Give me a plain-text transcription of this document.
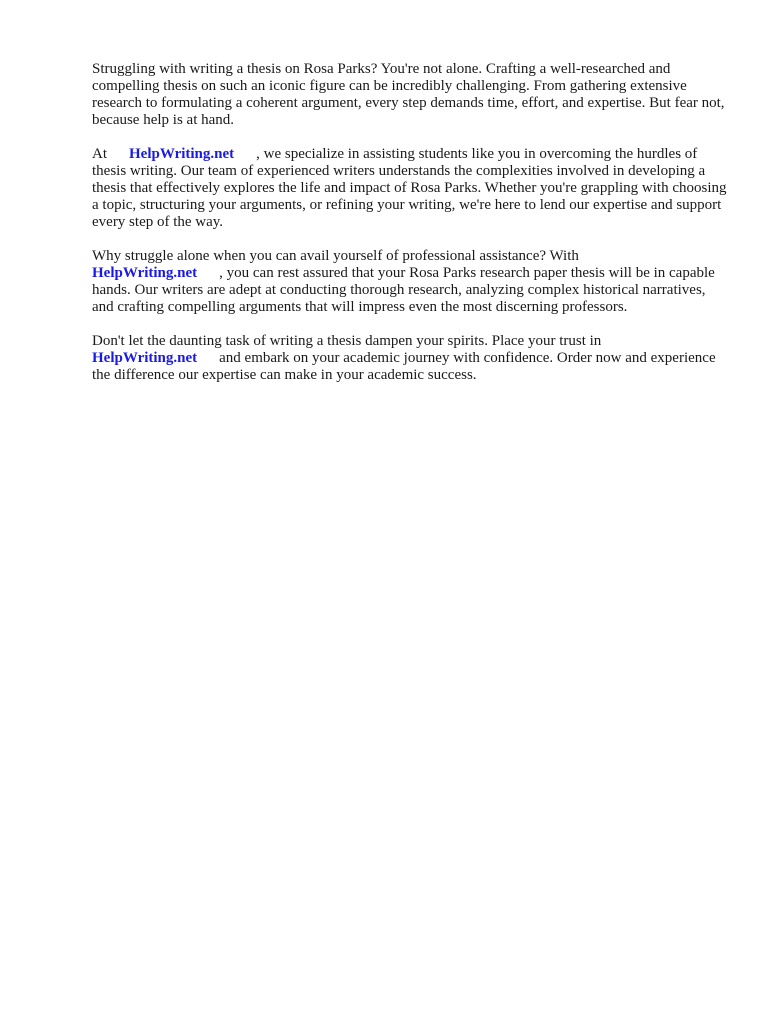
Struggling with writing a thesis on Rosa Parks? You're not alone. Crafting a well-researched and compelling thesis on such an iconic figure can be incredibly challenging. From gathering extensive research to formulating a coherent argument, every step demands time, effort, and expertise. But fear not, because help is at hand.

At HelpWriting.net , we specialize in assisting students like you in overcoming the hurdles of thesis writing. Our team of experienced writers understands the complexities involved in developing a thesis that effectively explores the life and impact of Rosa Parks. Whether you're grappling with choosing a topic, structuring your arguments, or refining your writing, we're here to lend our expertise and support every step of the way.

Why struggle alone when you can avail yourself of professional assistance? With
HelpWriting.net , you can rest assured that your Rosa Parks research paper thesis will be in capable hands. Our writers are adept at conducting thorough research, analyzing complex historical narratives, and crafting compelling arguments that will impress even the most discerning professors.

Don't let the daunting task of writing a thesis dampen your spirits. Place your trust in
HelpWriting.net and embark on your academic journey with confidence. Order now and experience the difference our expertise can make in your academic success.
